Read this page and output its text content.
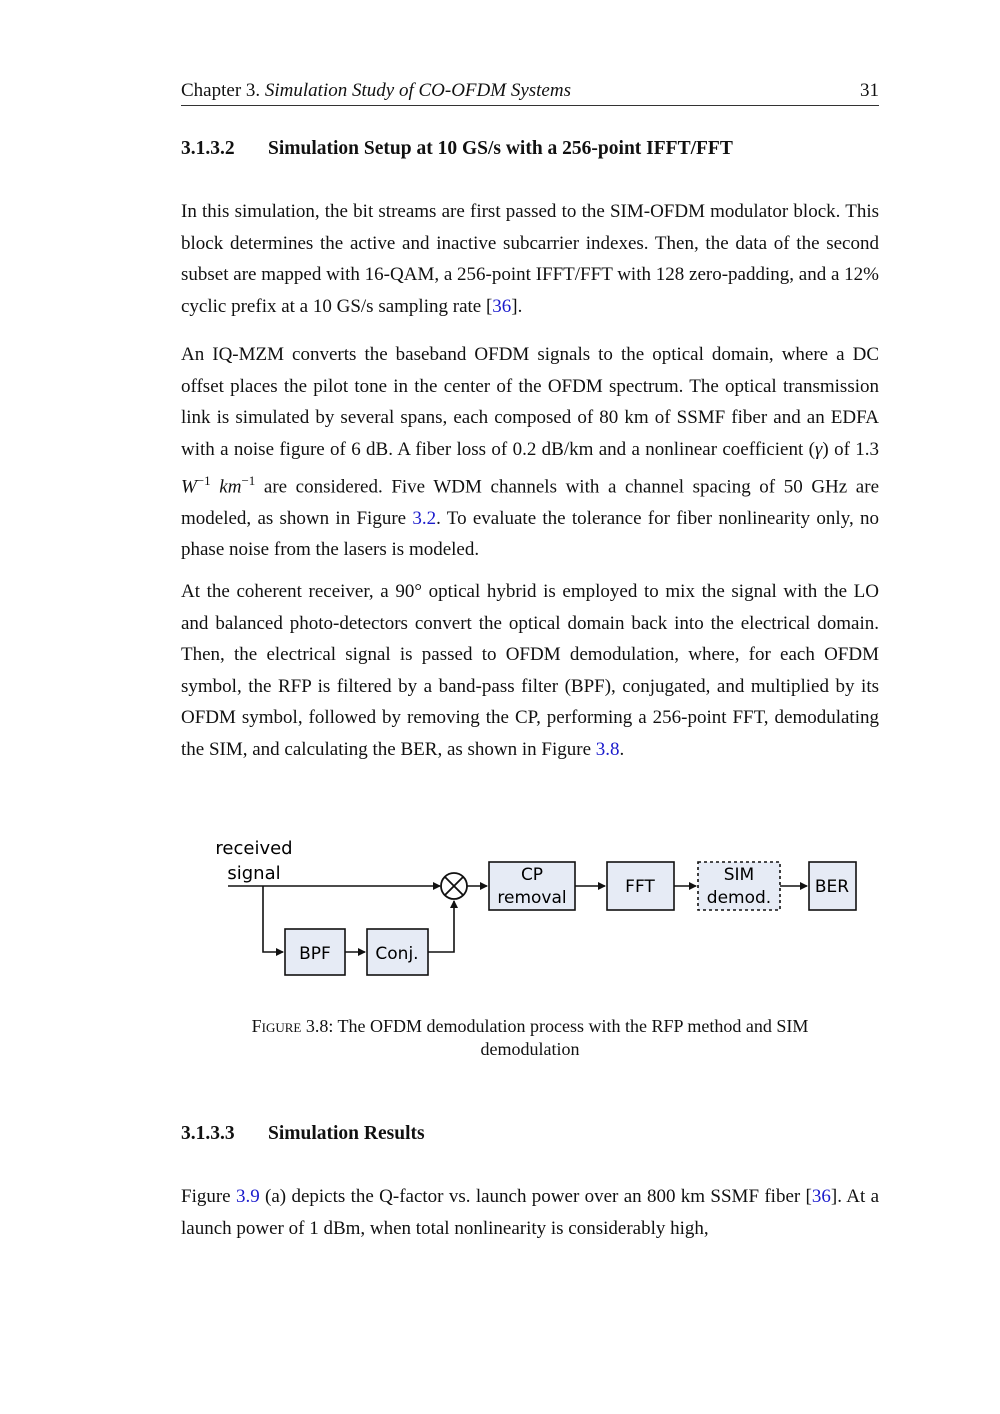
Chapter 3. Simulation Study of CO-OFDM Systems	31
3.1.3.2 Simulation Setup at 10 GS/s with a 256-point IFFT/FFT

In this simulation, the bit streams are first passed to the SIM-OFDM modulator block. This block determines the active and inactive subcarrier indexes. Then, the data of the second subset are mapped with 16-QAM, a 256-point IFFT/FFT with 128 zero-padding, and a 12% cyclic prefix at a 10 GS/s sampling rate [36].

An IQ-MZM converts the baseband OFDM signals to the optical domain, where a DC offset places the pilot tone in the center of the OFDM spectrum. The optical transmission link is simulated by several spans, each composed of 80 km of SSMF fiber and an EDFA with a noise figure of 6 dB. A fiber loss of 0.2 dB/km and a nonlinear coefficient (γ) of 1.3 $W^{-1}$ $km^{-1}$ are considered. Five WDM channels with a channel spacing of 50 GHz are modeled, as shown in Figure 3.2. To evaluate the tolerance for fiber nonlinearity only, no phase noise from the lasers is modeled.

At the coherent receiver, a 90° optical hybrid is employed to mix the signal with the LO and balanced photo-detectors convert the optical domain back into the electrical domain. Then, the electrical signal is passed to OFDM demodulation, where, for each OFDM symbol, the RFP is filtered by a band-pass filter (BPF), conjugated, and multiplied by its OFDM symbol, followed by removing the CP, performing a 256-point FFT, demodulating the SIM, and calculating the BER, as shown in Figure 3.8.

received
signal
BPF	Conj.
CP
removal
FFT
SIM
demod.
BER
Figure 3.8: The OFDM demodulation process with the RFP method and SIM demodulation
3.1.3.3 Simulation Results

Figure 3.9 (a) depicts the Q-factor vs. launch power over an 800 km SSMF fiber [36]. At a launch power of 1 dBm, when total nonlinearity is considerably high,
